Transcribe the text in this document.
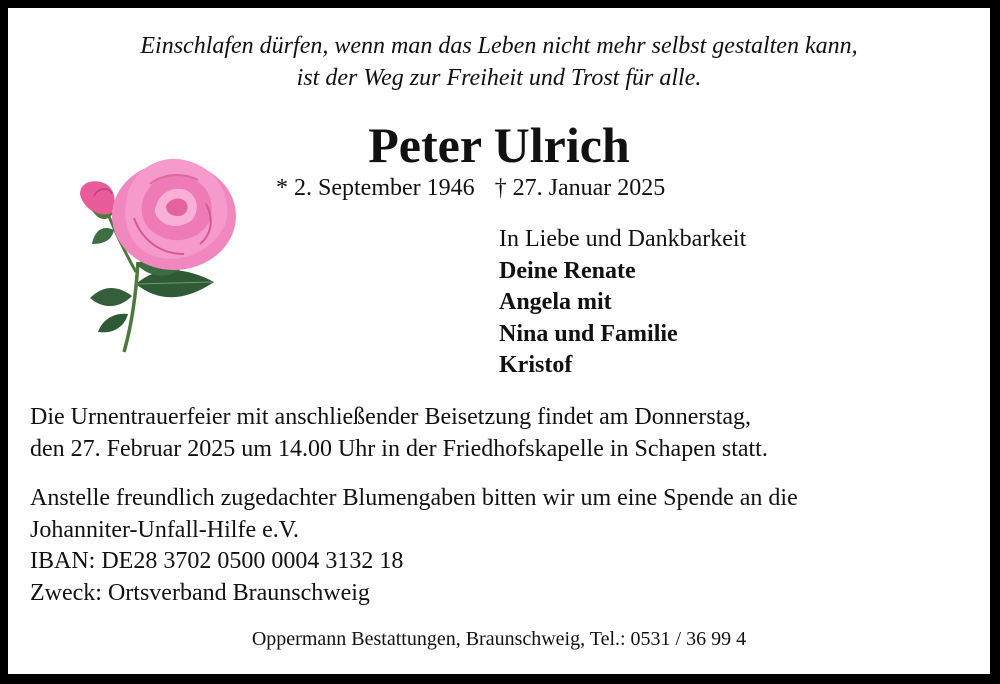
Einschlafen dürfen, wenn man das Leben nicht mehr selbst gestalten kann,
ist der Weg zur Freiheit und Trost für alle.
Peter Ulrich
* 2. September 1946 † 27. Januar 2025
In Liebe und Dankbarkeit
Deine Renate
Angela mit
Nina und Familie
Kristof
Die Urnentrauerfeier mit anschließender Beisetzung findet am Donnerstag,
den 27. Februar 2025 um 14.00 Uhr in der Friedhofskapelle in Schapen statt.
Anstelle freundlich zugedachter Blumengaben bitten wir um eine Spende an die
Johanniter-Unfall-Hilfe e.V.
IBAN: DE28 3702 0500 0004 3132 18
Zweck: Ortsverband Braunschweig
Oppermann Bestattungen, Braunschweig, Tel.: 0531 / 36 99 4
